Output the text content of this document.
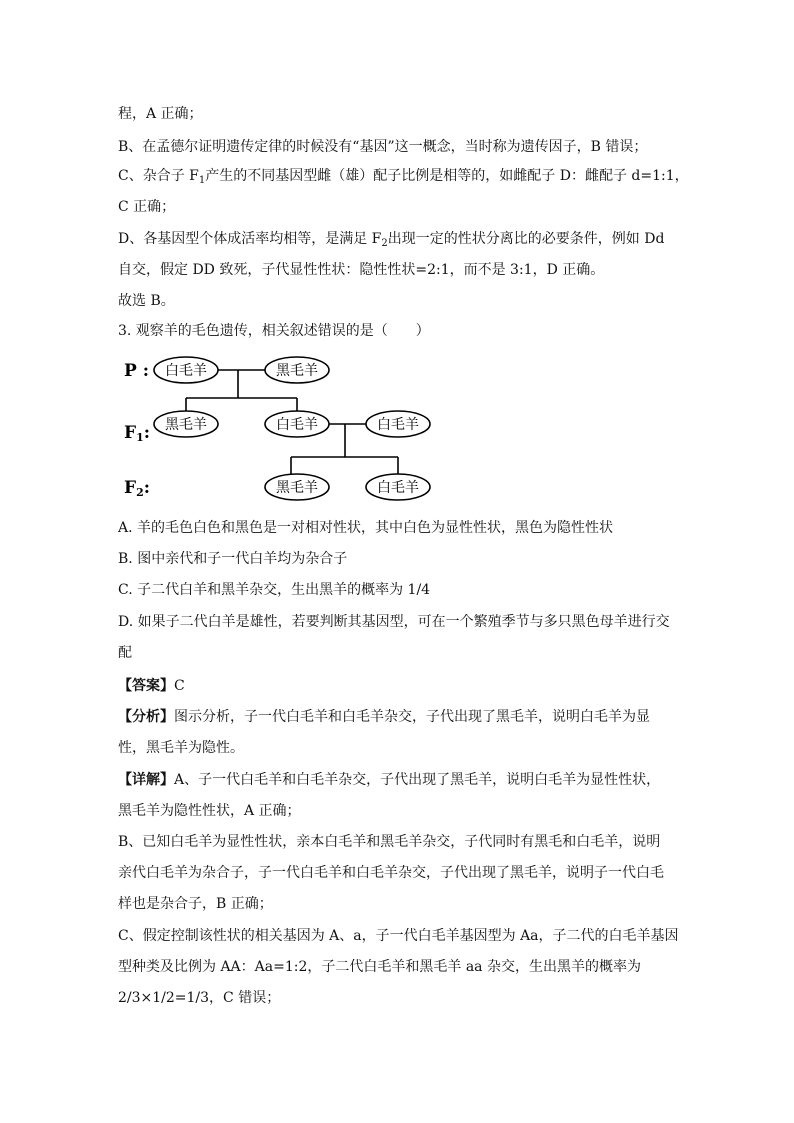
程，A 正确；
B、在孟德尔证明遗传定律的时候没有“基因”这一概念，当时称为遗传因子，B 错误；
C、杂合子 $F_1$产生的不同基因型雌（雄）配子比例是相等的，如雌配子 D：雌配子 d=1:1，
C 正确；
D、各基因型个体成活率均相等，是满足 $F_2$出现一定的性状分离比的必要条件，例如 Dd
自交，假定 DD 致死，子代显性性状：隐性性状=2:1，而不是 3:1，D 正确。
故选 B。
3. 观察羊的毛色遗传，相关叙述错误的是（　　）
P :
F1:
F2:
白毛羊	黑毛羊
黑毛羊	白毛羊	白毛羊
黑毛羊	白毛羊
A. 羊的毛色白色和黑色是一对相对性状，其中白色为显性性状，黑色为隐性性状
B. 图中亲代和子一代白羊均为杂合子
C. 子二代白羊和黑羊杂交，生出黑羊的概率为 1/4
D. 如果子二代白羊是雄性，若要判断其基因型，可在一个繁殖季节与多只黑色母羊进行交
配
【答案】C
【分析】图示分析，子一代白毛羊和白毛羊杂交，子代出现了黑毛羊，说明白毛羊为显
性，黑毛羊为隐性。
【详解】A、子一代白毛羊和白毛羊杂交，子代出现了黑毛羊，说明白毛羊为显性性状，
黑毛羊为隐性性状，A 正确；
B、已知白毛羊为显性性状，亲本白毛羊和黑毛羊杂交，子代同时有黑毛和白毛羊，说明
亲代白毛羊为杂合子，子一代白毛羊和白毛羊杂交，子代出现了黑毛羊，说明子一代白毛
样也是杂合子，B 正确；
C、假定控制该性状的相关基因为 A、a，子一代白毛羊基因型为 Aa，子二代的白毛羊基因
型种类及比例为 AA：Aa=1:2，子二代白毛羊和黑毛羊 aa 杂交，生出黑羊的概率为
2/3×1/2=1/3，C 错误；
